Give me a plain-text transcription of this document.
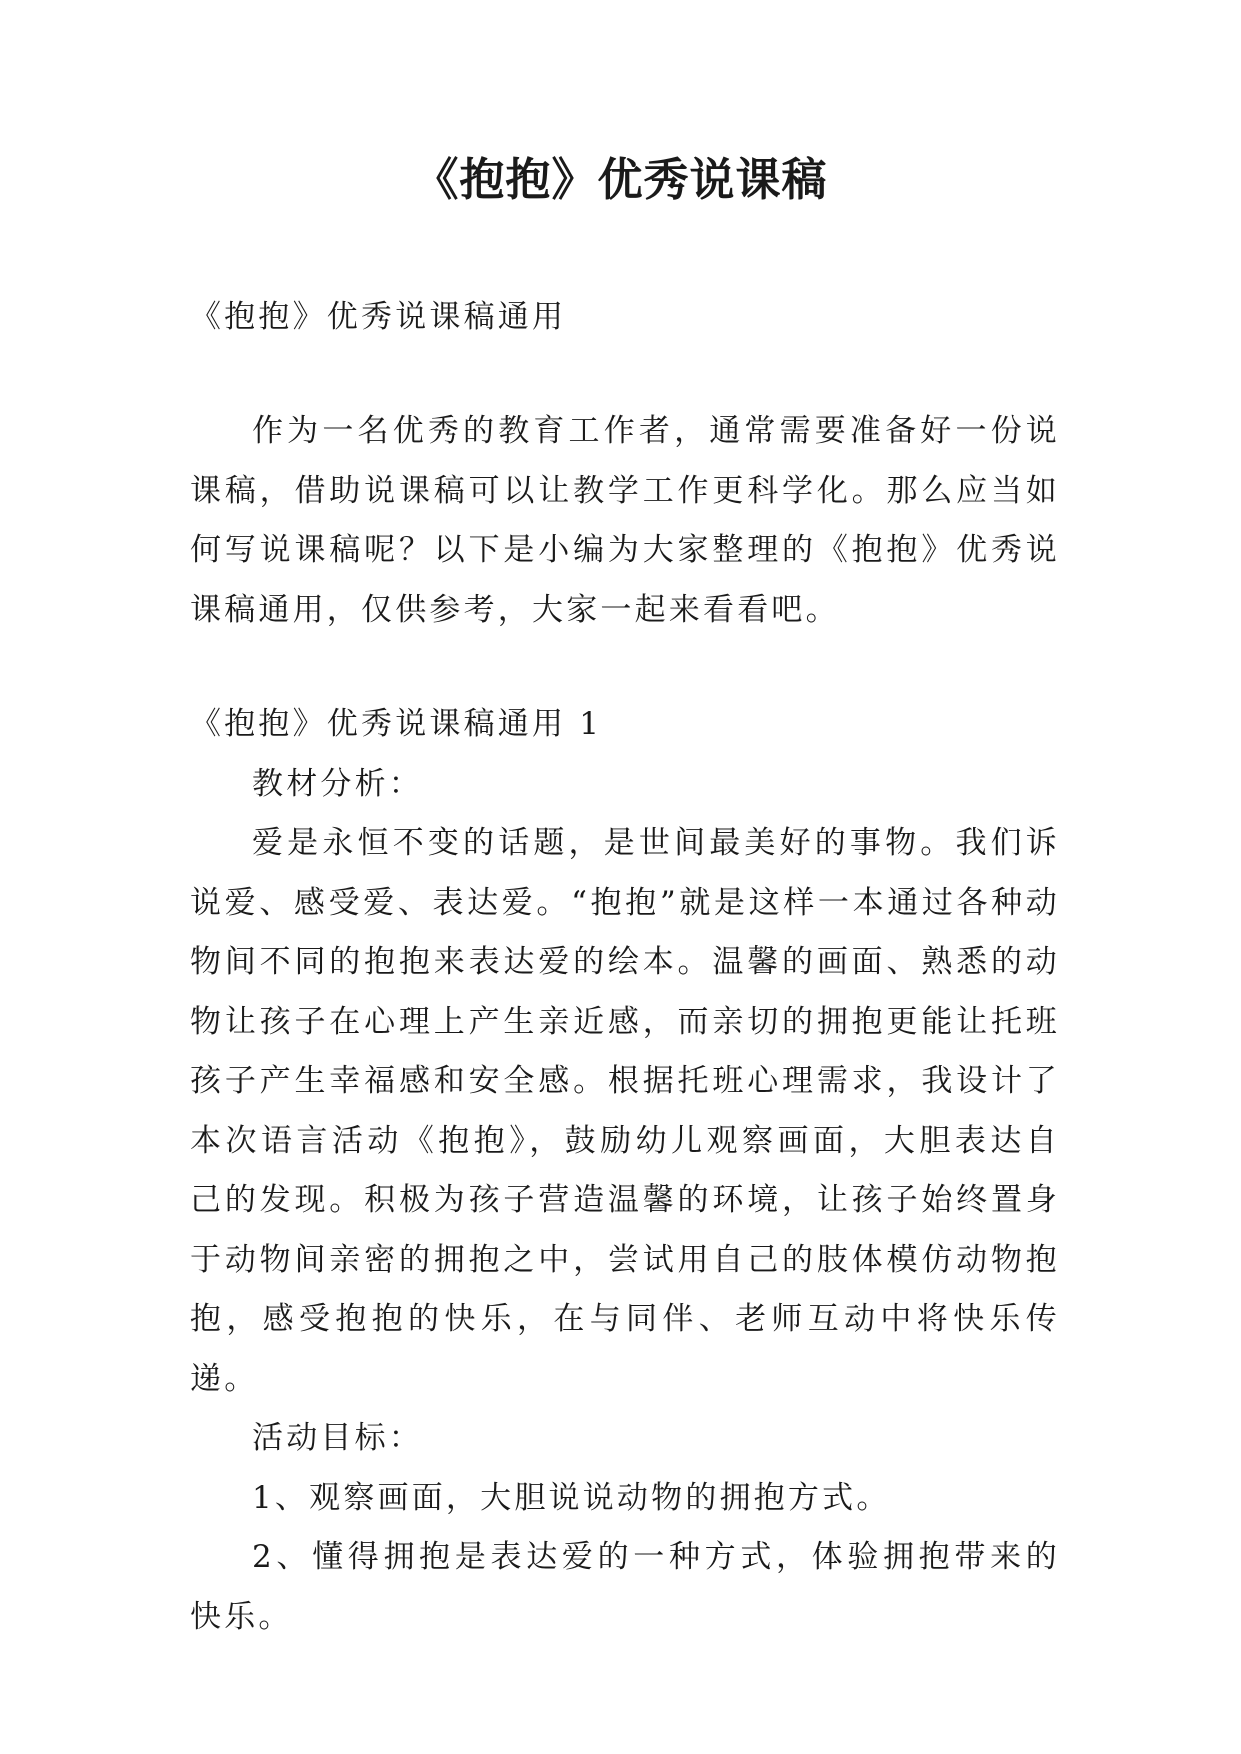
《抱抱》优秀说课稿

《抱抱》优秀说课稿通用

作为一名优秀的教育工作者，通常需要准备好一份说课稿，借助说课稿可以让教学工作更科学化。那么应当如何写说课稿呢？以下是小编为大家整理的《抱抱》优秀说课稿通用，仅供参考，大家一起来看看吧。

《抱抱》优秀说课稿通用 1

教材分析：

爱是永恒不变的话题，是世间最美好的事物。我们诉说爱、感受爱、表达爱。“抱抱”就是这样一本通过各种动物间不同的抱抱来表达爱的绘本。温馨的画面、熟悉的动物让孩子在心理上产生亲近感，而亲切的拥抱更能让托班孩子产生幸福感和安全感。根据托班心理需求，我设计了本次语言活动《抱抱》，鼓励幼儿观察画面，大胆表达自己的发现。积极为孩子营造温馨的环境，让孩子始终置身于动物间亲密的拥抱之中，尝试用自己的肢体模仿动物抱抱，感受抱抱的快乐，在与同伴、老师互动中将快乐传递。

活动目标：

1、观察画面，大胆说说动物的拥抱方式。

2、懂得拥抱是表达爱的一种方式，体验拥抱带来的快乐。
